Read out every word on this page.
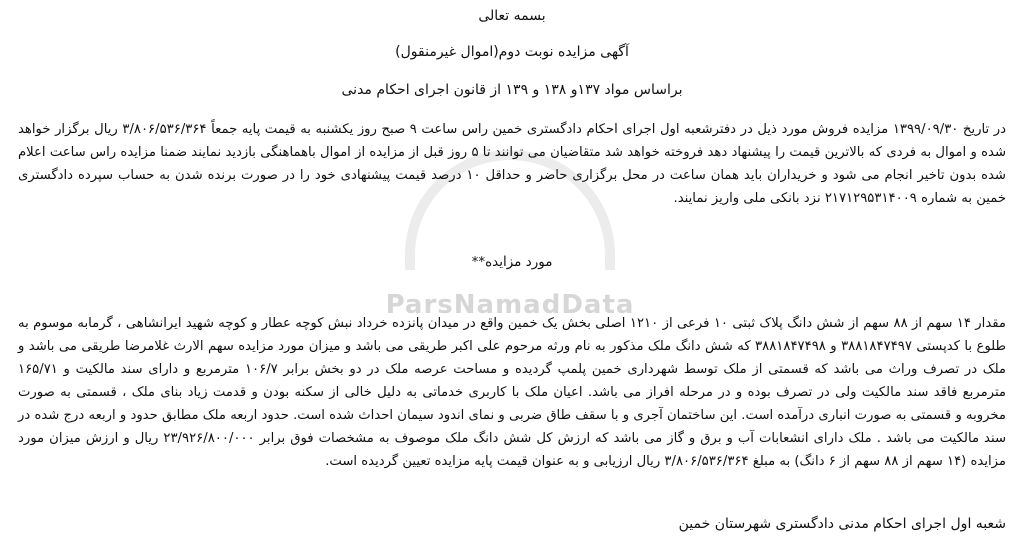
ParsNamadData
بسمه تعالی
آگهی مزایده نوبت دوم(اموال غیرمنقول)
براساس مواد ۱۳۷و ۱۳۸ و ۱۳۹ از قانون اجرای احکام مدنی
در تاریخ ۱۳۹۹/۰۹/۳۰ مزایده فروش مورد ذیل در دفترشعبه اول اجرای احکام دادگستری خمین راس ساعت ۹ صبح روز یکشنبه به قیمت پایه جمعاً ۳/۸۰۶/۵۳۶/۳۶۴ ریال برگزار خواهد شده و اموال به فردی که بالاترین قیمت را پیشنهاد دهد فروخته خواهد شد متقاضیان می توانند تا ۵ روز قبل از مزایده از اموال باهماهنگی بازدید نمایند ضمنا مزایده راس ساعت اعلام شده بدون تاخیر انجام می شود و خریداران باید همان ساعت در محل برگزاری حاضر و حداقل ۱۰ درصد قیمت پیشنهادی خود را در صورت برنده شدن به حساب سپرده دادگستری خمین به شماره ۲۱۷۱۲۹۵۳۱۴۰۰۹ نزد بانکی ملی واریز نمایند.
مورد مزایده**
مقدار ۱۴ سهم از ۸۸ سهم از شش دانگ پلاک ثبتی ۱۰ فرعی از ۱۲۱۰ اصلی بخش یک خمین واقع در میدان پانزده خرداد نبش کوچه عطار و کوچه شهید ایرانشاهی ، گرمابه موسوم به طلوع با کدپستی ۳۸۸۱۸۴۷۴۹۷ و ۳۸۸۱۸۴۷۴۹۸ که شش دانگ ملک مذکور به نام ورثه مرحوم علی اکبر طریقی می باشد و میزان مورد مزایده سهم الارث غلامرضا طریقی می باشد و ملک در تصرف وراث می باشد که قسمتی از ملک توسط شهرداری خمین پلمپ گردیده و مساحت عرصه ملک در دو بخش برابر ۱۰۶/۷ مترمربع و دارای سند مالکیت و ۱۶۵/۷۱ مترمربع فاقد سند مالکیت ولی در تصرف بوده و در مرحله افراز می باشد. اعیان ملک با کاربری خدماتی به دلیل خالی از سکنه بودن و قدمت زیاد بنای ملک ، قسمتی به صورت مخروبه و قسمتی به صورت انباری درآمده است. این ساختمان آجری و با سقف طاق ضربی و نمای اندود سیمان احداث شده است. حدود اربعه ملک مطابق حدود و اربعه درج شده در سند مالکیت می باشد . ملک دارای انشعابات آب و برق و گاز می باشد که ارزش کل شش دانگ ملک موصوف به مشخصات فوق برابر ۲۳/۹۲۶/۸۰۰/۰۰۰ ریال و ارزش میزان مورد مزایده (۱۴ سهم از ۸۸ سهم از ۶ دانگ) به مبلغ ۳/۸۰۶/۵۳۶/۳۶۴ ریال ارزیابی و به عنوان قیمت پایه مزایده تعیین گردیده است.
شعبه اول اجرای احکام مدنی دادگستری شهرستان خمین
